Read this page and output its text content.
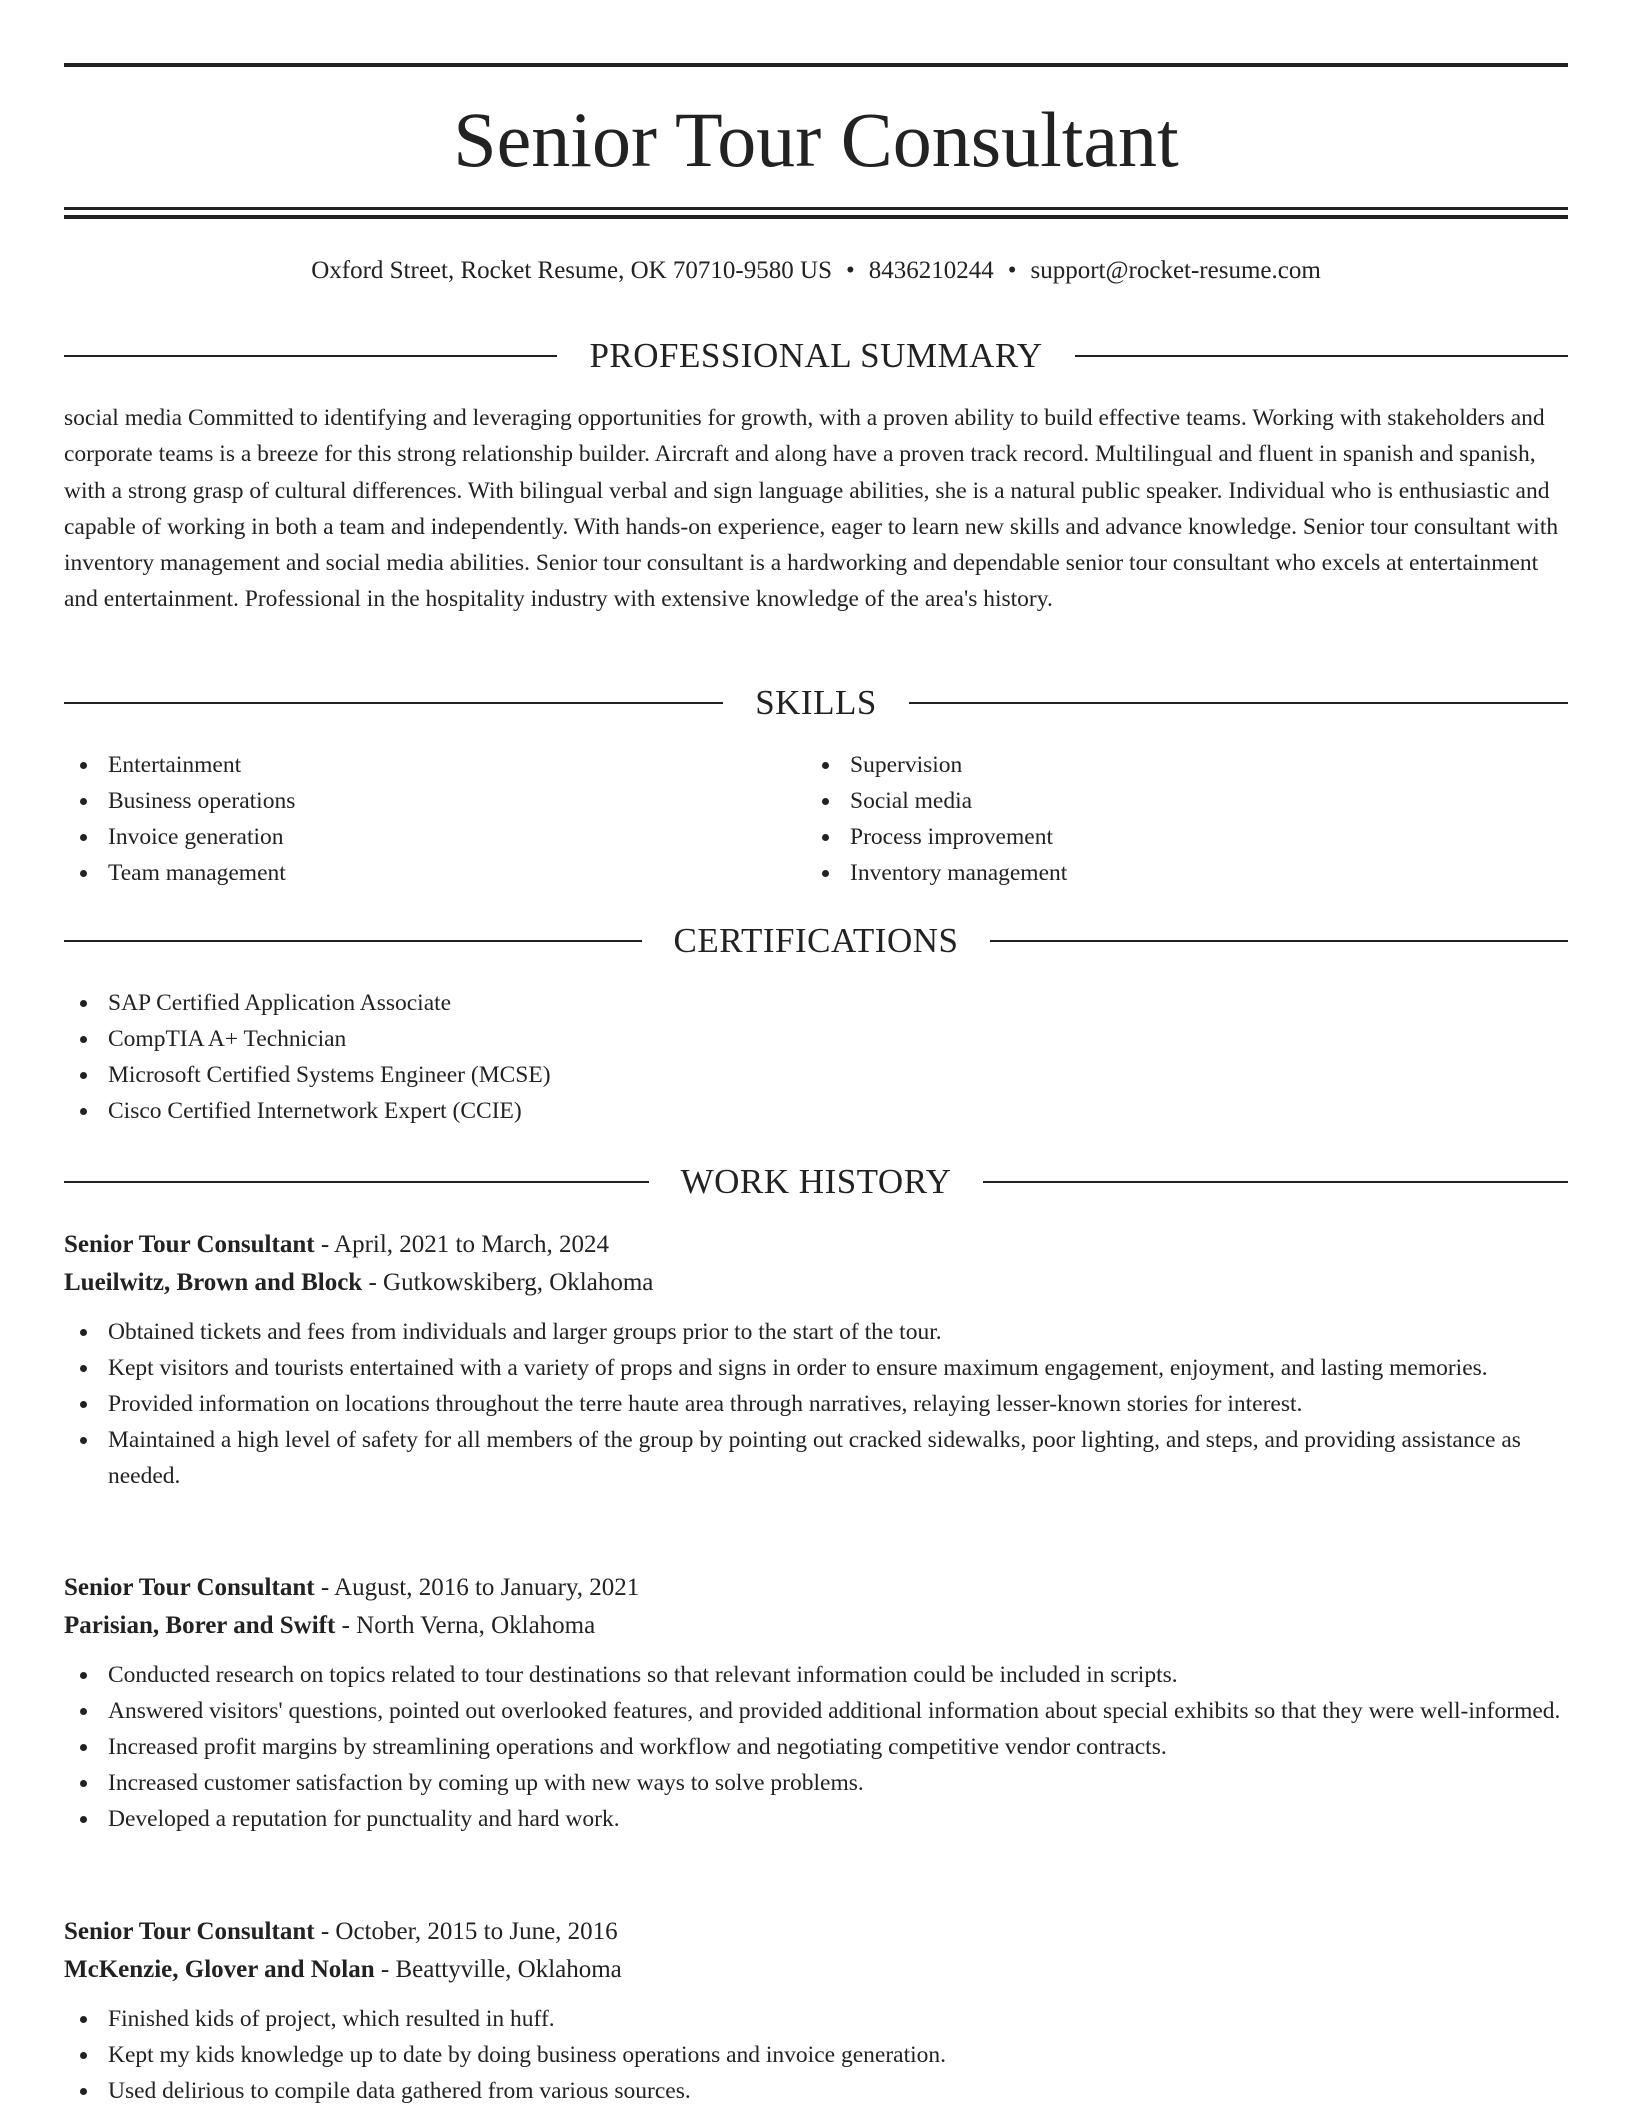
Senior Tour Consultant
Oxford Street, Rocket Resume, OK 70710-9580 US • 8436210244 • support@rocket-resume.com
PROFESSIONAL SUMMARY

social media Committed to identifying and leveraging opportunities for growth, with a proven ability to build effective teams. Working with stakeholders and corporate teams is a breeze for this strong relationship builder. Aircraft and along have a proven track record. Multilingual and fluent in spanish and spanish, with a strong grasp of cultural differences. With bilingual verbal and sign language abilities, she is a natural public speaker. Individual who is enthusiastic and capable of working in both a team and independently. With hands-on experience, eager to learn new skills and advance knowledge. Senior tour consultant with inventory management and social media abilities. Senior tour consultant is a hardworking and dependable senior tour consultant who excels at entertainment and entertainment. Professional in the hospitality industry with extensive knowledge of the area's history.

SKILLS
Entertainment
Business operations
Invoice generation
Team management
Supervision
Social media
Process improvement
Inventory management
CERTIFICATIONS
SAP Certified Application Associate
CompTIA A+ Technician
Microsoft Certified Systems Engineer (MCSE)
Cisco Certified Internetwork Expert (CCIE)
WORK HISTORY
Senior Tour Consultant - April, 2021 to March, 2024
Lueilwitz, Brown and Block - Gutkowskiberg, Oklahoma
Obtained tickets and fees from individuals and larger groups prior to the start of the tour.
Kept visitors and tourists entertained with a variety of props and signs in order to ensure maximum engagement, enjoyment, and lasting memories.
Provided information on locations throughout the terre haute area through narratives, relaying lesser-known stories for interest.
Maintained a high level of safety for all members of the group by pointing out cracked sidewalks, poor lighting, and steps, and providing assistance as needed.
Senior Tour Consultant - August, 2016 to January, 2021
Parisian, Borer and Swift - North Verna, Oklahoma
Conducted research on topics related to tour destinations so that relevant information could be included in scripts.
Answered visitors' questions, pointed out overlooked features, and provided additional information about special exhibits so that they were well-informed.
Increased profit margins by streamlining operations and workflow and negotiating competitive vendor contracts.
Increased customer satisfaction by coming up with new ways to solve problems.
Developed a reputation for punctuality and hard work.
Senior Tour Consultant - October, 2015 to June, 2016
McKenzie, Glover and Nolan - Beattyville, Oklahoma
Finished kids of project, which resulted in huff.
Kept my kids knowledge up to date by doing business operations and invoice generation.
Used delirious to compile data gathered from various sources.
